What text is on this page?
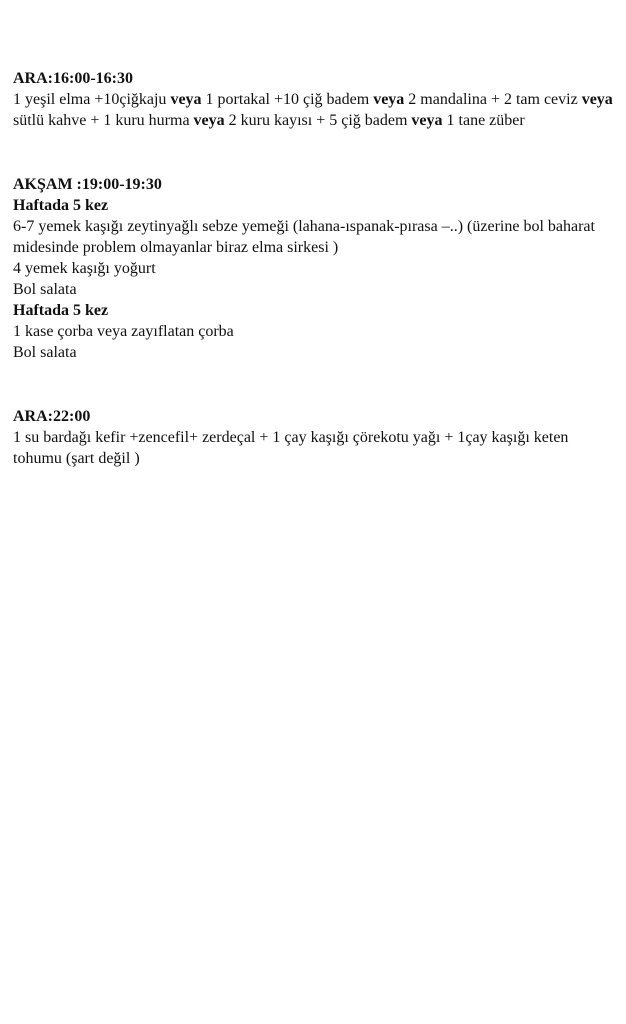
ARA:16:00-16:30

1 yeşil elma +10çiğkaju veya 1 portakal +10 çiğ badem veya 2 mandalina + 2 tam ceviz veya sütlü kahve + 1 kuru hurma veya 2 kuru kayısı + 5 çiğ badem veya 1 tane züber

AKŞAM :19:00-19:30

Haftada 5 kez

6-7 yemek kaşığı zeytinyağlı sebze yemeği (lahana-ıspanak-pırasa –..) (üzerine bol baharat midesinde problem olmayanlar biraz elma sirkesi )

4 yemek kaşığı yoğurt

Bol salata

Haftada 5 kez

1 kase çorba veya zayıflatan çorba

Bol salata

ARA:22:00

1 su bardağı kefir +zencefil+ zerdeçal + 1 çay kaşığı çörekotu yağı + 1çay kaşığı keten tohumu (şart değil )
